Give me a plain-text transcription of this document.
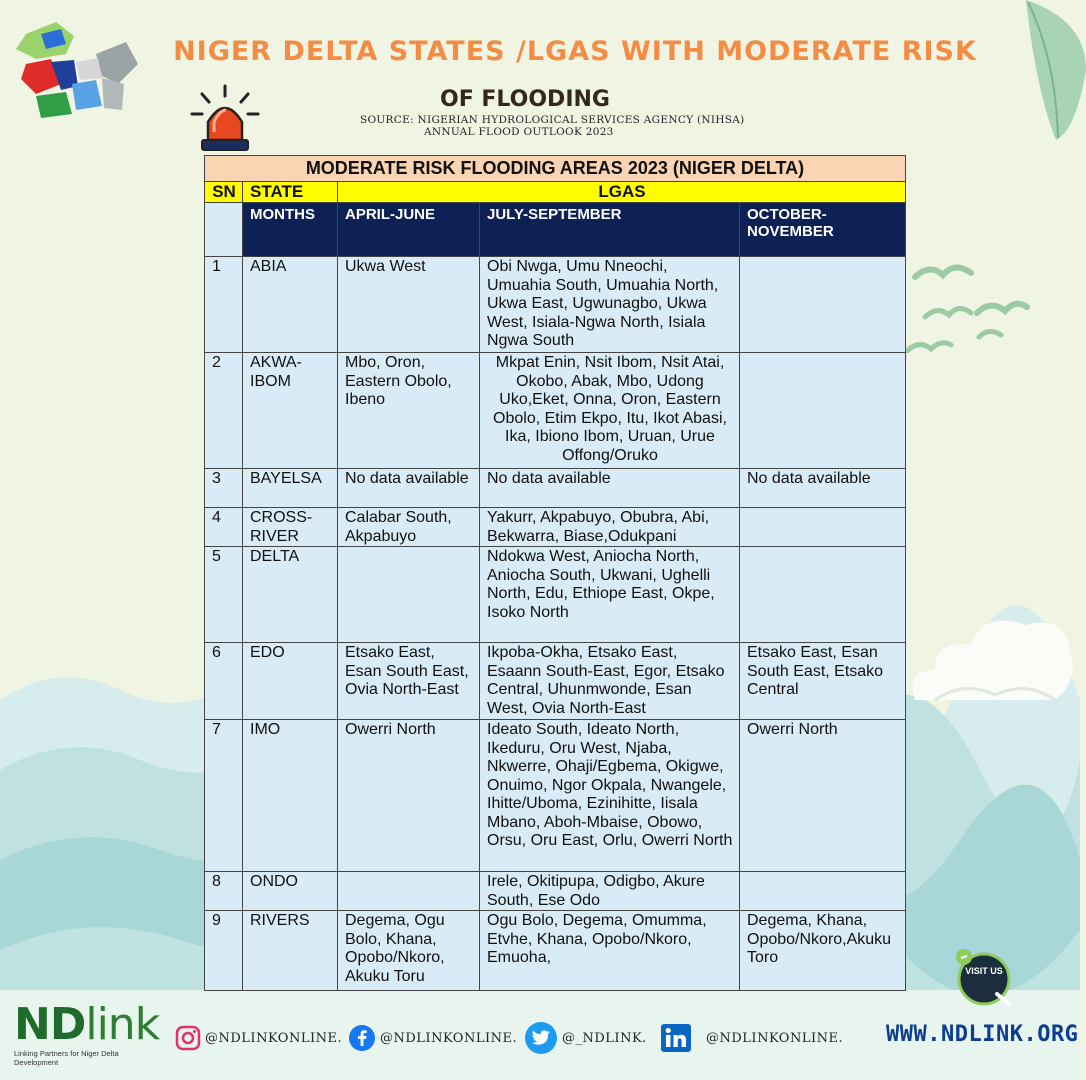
NIGER DELTA STATES /LGAS WITH MODERATE RISK
OF FLOODING
SOURCE: NIGERIAN HYDROLOGICAL SERVICES AGENCY (NIHSA)
ANNUAL FLOOD OUTLOOK 2023
MODERATE RISK FLOODING AREAS 2023 (NIGER DELTA)				

SN	STATE	LGAS		

	MONTHS	APRIL-JUNE	JULY-SEPTEMBER	OCTOBER-NOVEMBER

1	ABIA	Ukwa West	Obi Nwga, Umu Nneochi, Umuahia South, Umuahia North, Ukwa East, Ugwunagbo, Ukwa West, Isiala-Ngwa North, Isiala Ngwa South	

2	AKWA-IBOM	Mbo, Oron, Eastern Obolo, Ibeno	Mkpat Enin, Nsit Ibom, Nsit Atai, Okobo, Abak, Mbo, Udong Uko,Eket, Onna, Oron, Eastern Obolo, Etim Ekpo, Itu, Ikot Abasi, Ika, Ibiono Ibom, Uruan, Urue Offong/Oruko	

3	BAYELSA	No data available	No data available	No data available

4	CROSS-RIVER	Calabar South, Akpabuyo	Yakurr, Akpabuyo, Obubra, Abi, Bekwarra, Biase,Odukpani	

5	DELTA		Ndokwa West, Aniocha North, Aniocha South, Ukwani, Ughelli North, Edu, Ethiope East, Okpe, Isoko North	

6	EDO	Etsako East, Esan South East, Ovia North-East	Ikpoba-Okha, Etsako East, Esaann South-East, Egor, Etsako Central, Uhunmwonde, Esan West, Ovia North-East	Etsako East, Esan South East, Etsako Central

7	IMO	Owerri North	Ideato South, Ideato North, Ikeduru, Oru West, Njaba, Nkwerre, Ohaji/Egbema, Okigwe, Onuimo, Ngor Okpala, Nwangele, Ihitte/Uboma, Ezinihitte, Iisala Mbano, Aboh-Mbaise, Obowo, Orsu, Oru East, Orlu, Owerri North	Owerri North

8	ONDO		Irele, Okitipupa, Odigbo, Akure South, Ese Odo	

9	RIVERS	Degema, Ogu Bolo, Khana, Opobo/Nkoro, Akuku Toru	Ogu Bolo, Degema, Omumma, Etvhe, Khana, Opobo/Nkoro, Emuoha,	Degema, Khana, Opobo/Nkoro,Akuku Toro
VISIT US
NDlink
Linking Partners for Niger Delta Development
@NDLINKONLINE.	@NDLINKONLINE.	@_NDLINK.	@NDLINKONLINE. WWW.NDLINK.ORG
